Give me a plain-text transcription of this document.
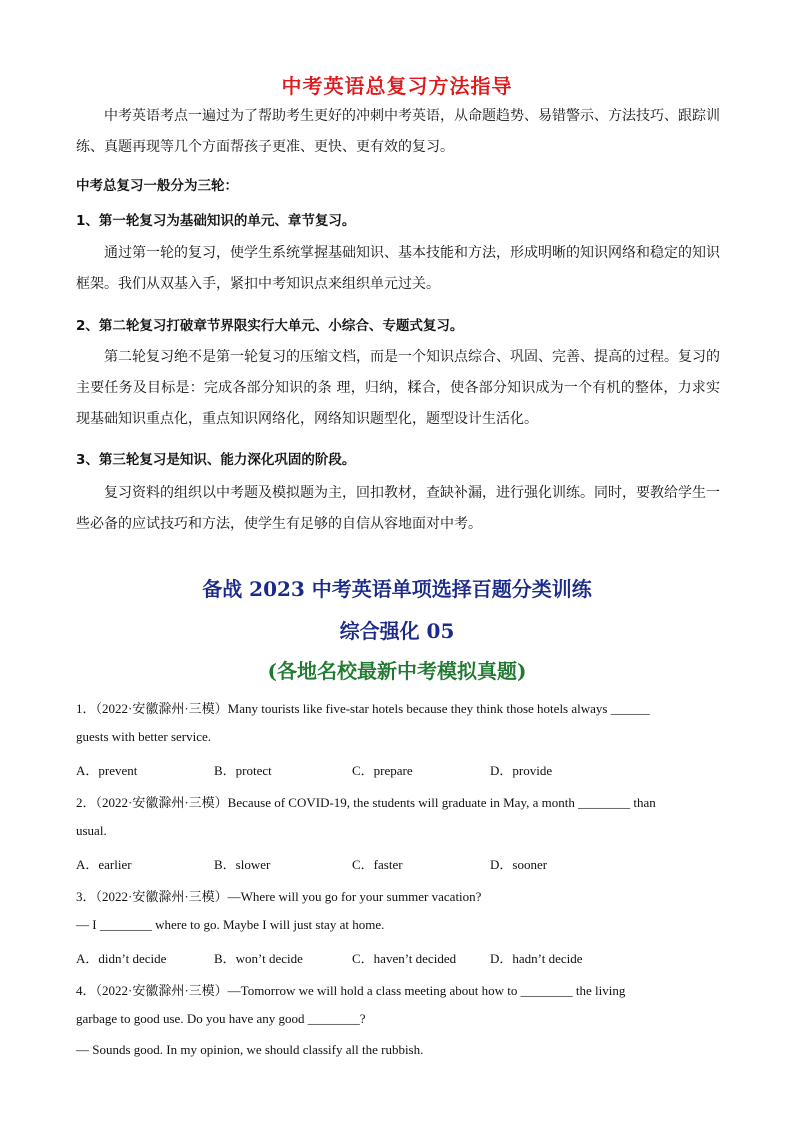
中考英语总复习方法指导
中考英语考点一遍过为了帮助考生更好的冲刺中考英语，从命题趋势、易错警示、方法技巧、跟踪训练、真题再现等几个方面帮孩子更准、更快、更有效的复习。
中考总复习一般分为三轮：
1、第一轮复习为基础知识的单元、章节复习。
通过第一轮的复习，使学生系统掌握基础知识、基本技能和方法，形成明晰的知识网络和稳定的知识框架。我们从双基入手，紧扣中考知识点来组织单元过关。
2、第二轮复习打破章节界限实行大单元、小综合、专题式复习。
第二轮复习绝不是第一轮复习的压缩文档，而是一个知识点综合、巩固、完善、提高的过程。复习的主要任务及目标是：完成各部分知识的条 理，归纳，糅合，使各部分知识成为一个有机的整体，力求实现基础知识重点化，重点知识网络化，网络知识题型化，题型设计生活化。
3、第三轮复习是知识、能力深化巩固的阶段。
复习资料的组织以中考题及模拟题为主，回扣教材，查缺补漏，进行强化训练。同时，要教给学生一些必备的应试技巧和方法，使学生有足够的自信从容地面对中考。
备战 2023 中考英语单项选择百题分类训练
综合强化 05
(各地名校最新中考模拟真题)
1．（2022·安徽滁州·三模）Many tourists like five-star hotels because they think those hotels always ______
guests with better service.
A．prevent	B．protect	C．prepare	D．provide
2．（2022·安徽滁州·三模）Because of COVID-19, the students will graduate in May, a month ________ than
usual.
A．earlier	B．slower	C．faster	D．sooner
3．（2022·安徽滁州·三模）—Where will you go for your summer vacation?
— I ________ where to go. Maybe I will just stay at home.
A．didn’t decide	B．won’t decide	C．haven’t decided	D．hadn’t decide
4．（2022·安徽滁州·三模）—Tomorrow we will hold a class meeting about how to ________ the living
garbage to good use. Do you have any good ________?
— Sounds good. In my opinion, we should classify all the rubbish.
